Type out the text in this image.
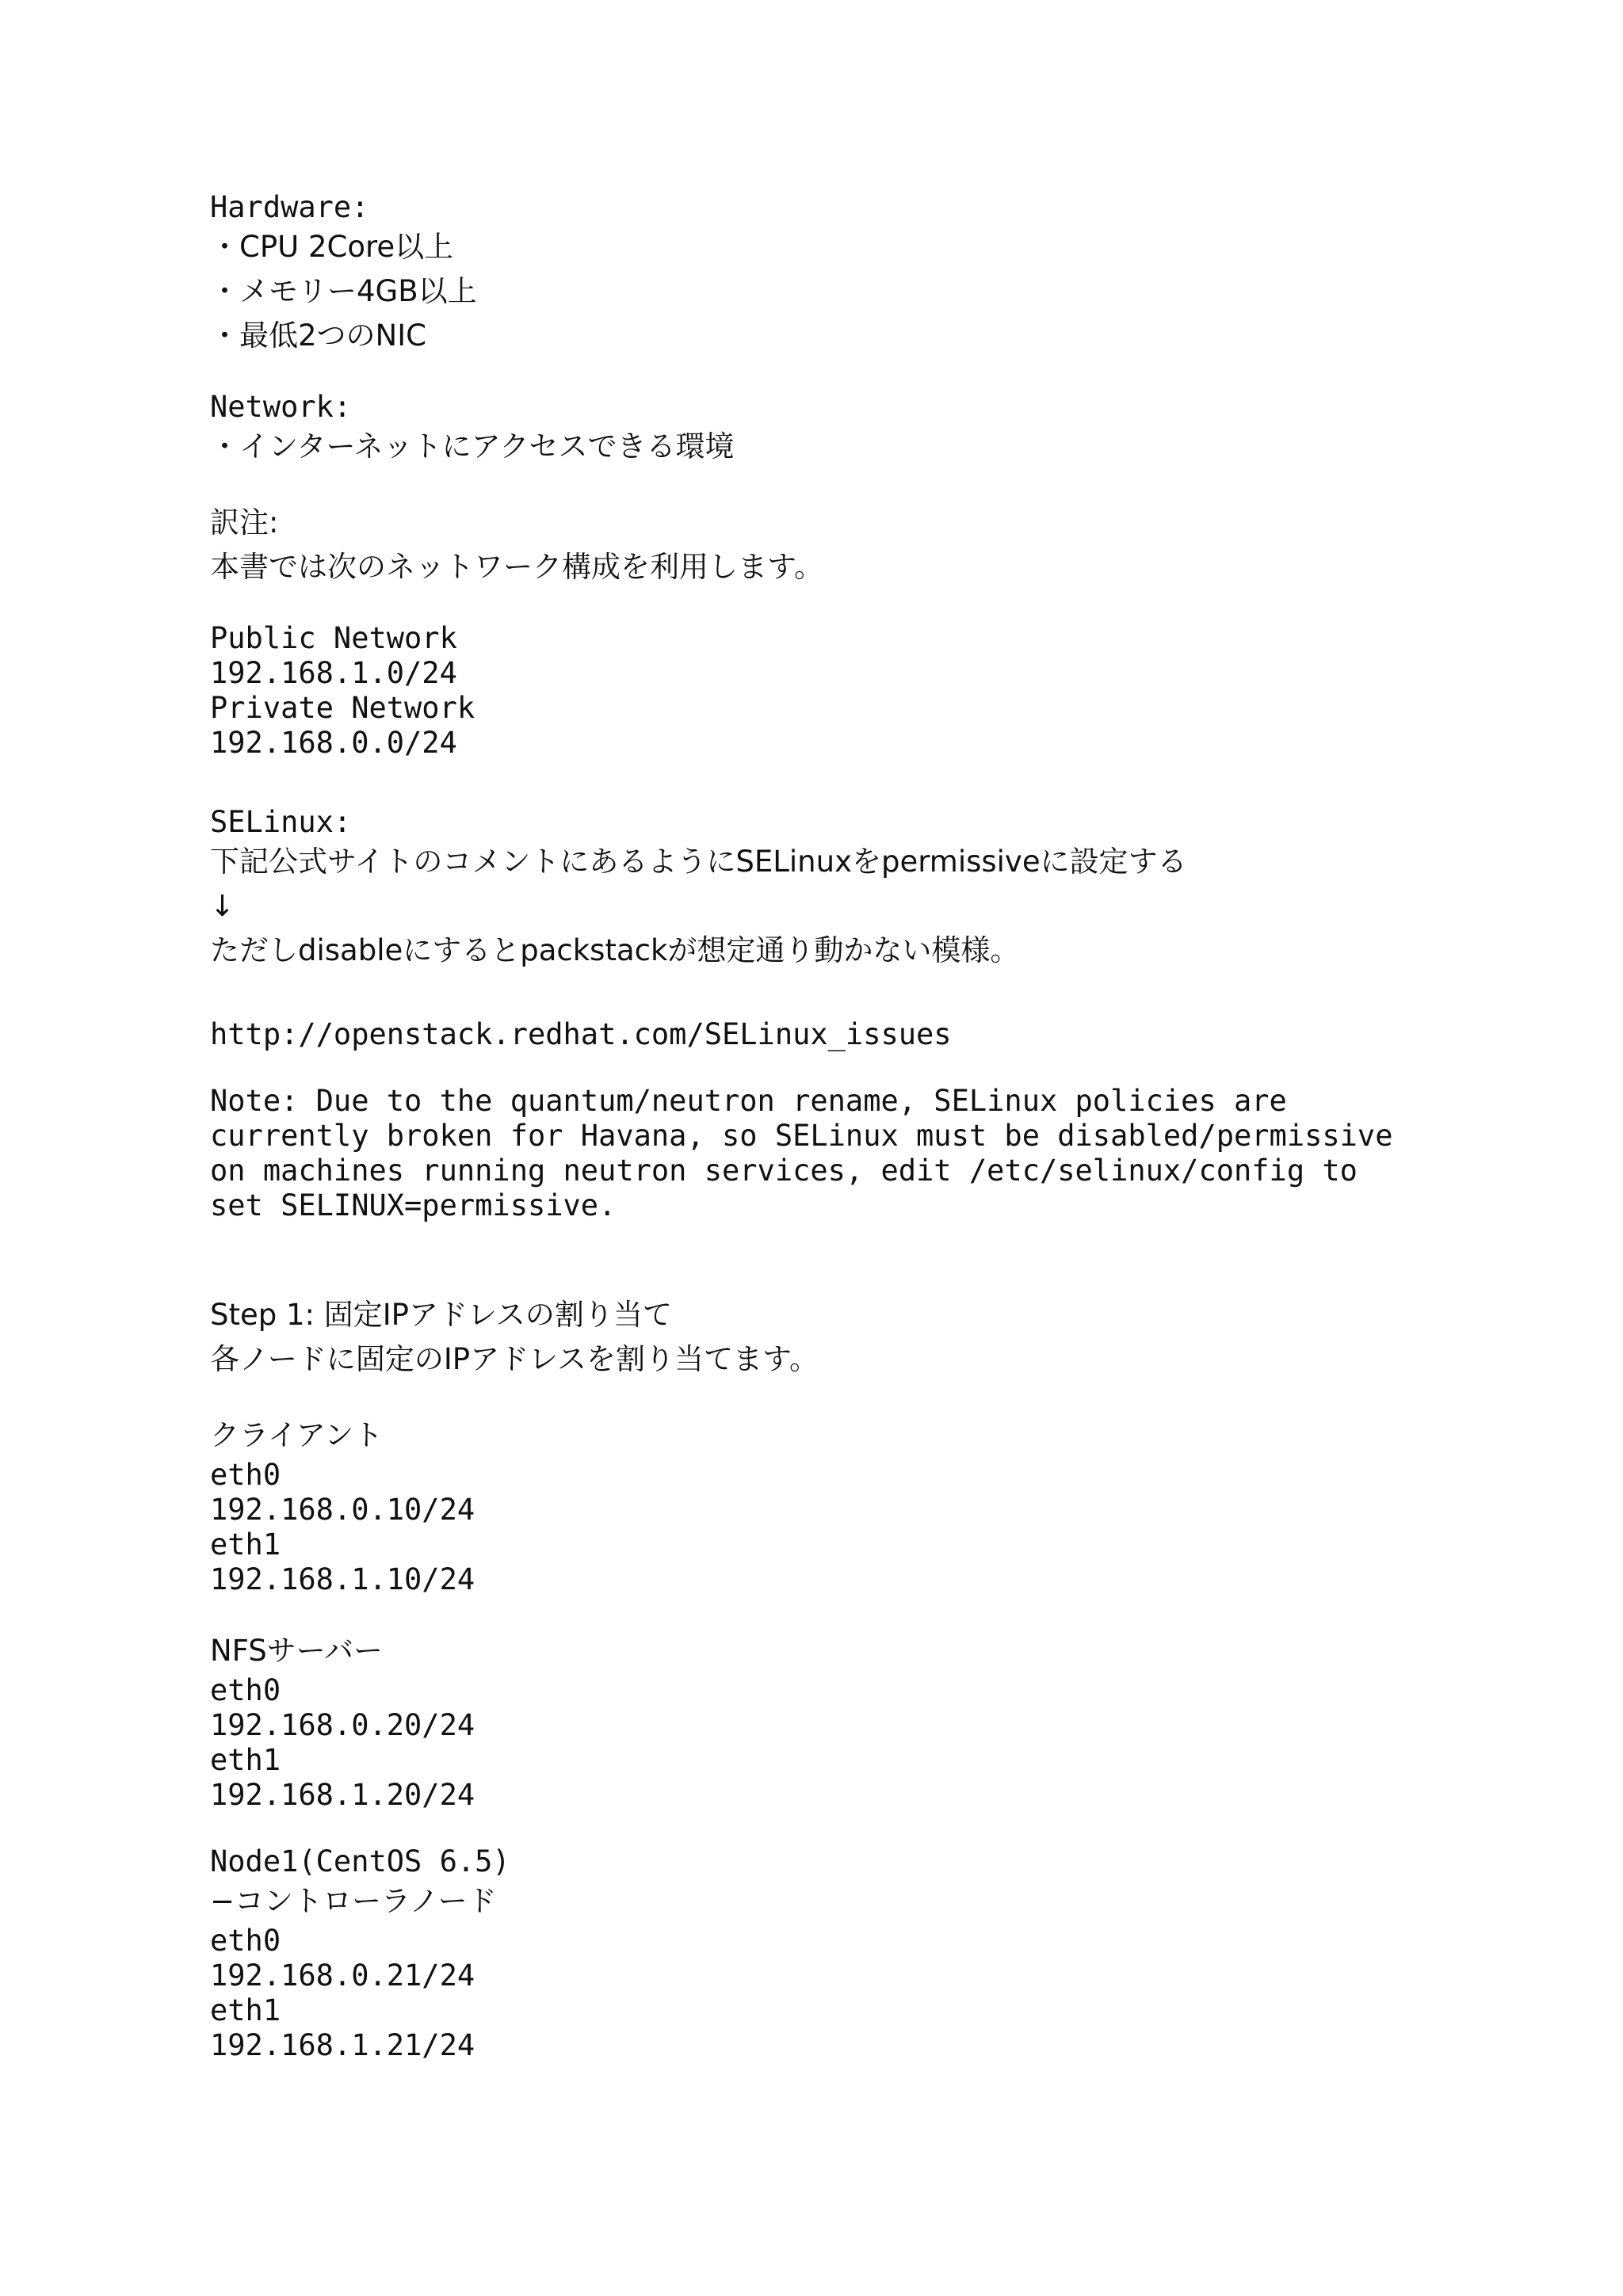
Hardware:
・CPU 2Core以上
・メモリー4GB以上
・最低2つのNIC
Network:
・インターネットにアクセスできる環境
訳注:
本書では次のネットワーク構成を利用します。
Public Network
192.168.1.0/24
Private Network
192.168.0.0/24
SELinux:
下記公式サイトのコメントにあるようにSELinuxをpermissiveに設定する
↓
ただしdisableにするとpackstackが想定通り動かない模様。
http://openstack.redhat.com/SELinux_issues
Note: Due to the quantum/neutron rename, SELinux policies are
currently broken for Havana, so SELinux must be disabled/permissive
on machines running neutron services, edit /etc/selinux/config to
set SELINUX=permissive.
Step 1: 固定IPアドレスの割り当て
各ノードに固定のIPアドレスを割り当てます。
クライアント
eth0
192.168.0.10/24
eth1
192.168.1.10/24
NFSサーバー
eth0
192.168.0.20/24
eth1
192.168.1.20/24
Node1(CentOS 6.5)
−コントローラノード
eth0
192.168.0.21/24
eth1
192.168.1.21/24
